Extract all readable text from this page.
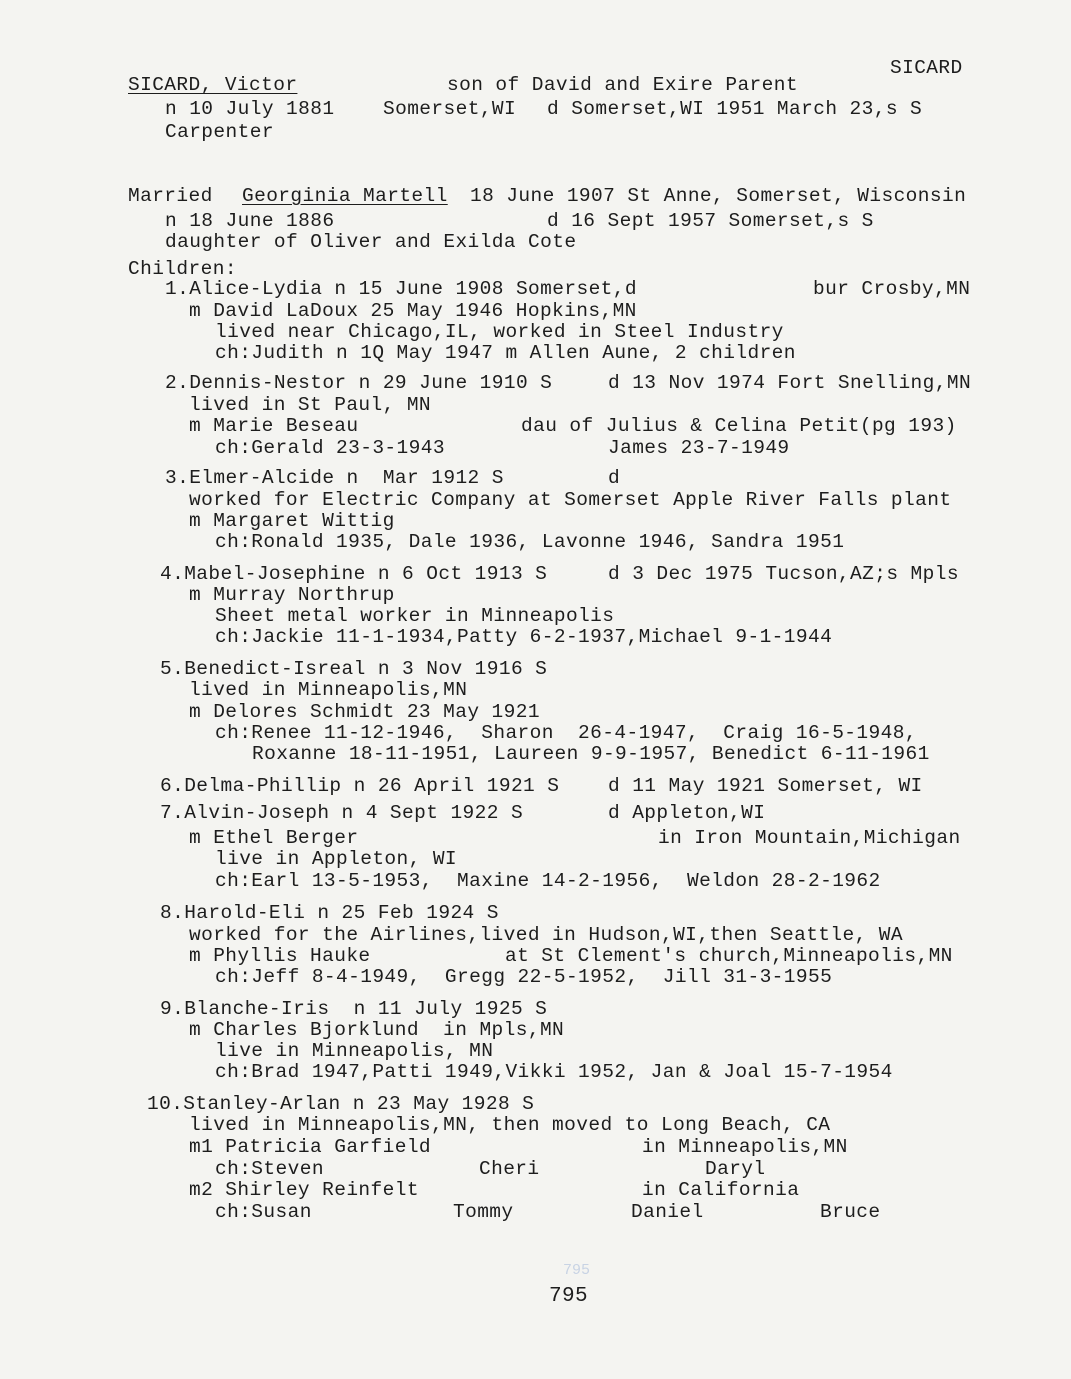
SICARD
SICARD, Victor	son of David and Exire Parent
n 10 July 1881 Somerset,WI d Somerset,WI 1951 March 23,s S
Carpenter
Married Georginia Martell 18 June 1907 St Anne, Somerset, Wisconsin
n 18 June 1886	d 16 Sept 1957 Somerset,s S
daughter of Oliver and Exilda Cote
Children:
1.Alice-Lydia n 15 June 1908 Somerset,d	bur Crosby,MN
m David LaDoux 25 May 1946 Hopkins,MN
lived near Chicago,IL, worked in Steel Industry
ch:Judith n 1Q May 1947 m Allen Aune, 2 children
2.Dennis-Nestor n 29 June 1910 S	d 13 Nov 1974 Fort Snelling,MN
lived in St Paul, MN
m Marie Beseau	dau of Julius & Celina Petit(pg 193)
ch:Gerald 23-3-1943	James 23-7-1949
3.Elmer-Alcide n  Mar 1912 S	d
worked for Electric Company at Somerset Apple River Falls plant
m Margaret Wittig
ch:Ronald 1935, Dale 1936, Lavonne 1946, Sandra 1951
4.Mabel-Josephine n 6 Oct 1913 S	d 3 Dec 1975 Tucson,AZ;s Mpls
m Murray Northrup
Sheet metal worker in Minneapolis
ch:Jackie 11-1-1934,Patty 6-2-1937,Michael 9-1-1944
5.Benedict-Isreal n 3 Nov 1916 S
lived in Minneapolis,MN
m Delores Schmidt 23 May 1921
ch:Renee 11-12-1946,  Sharon  26-4-1947,  Craig 16-5-1948,
Roxanne 18-11-1951, Laureen 9-9-1957, Benedict 6-11-1961
6.Delma-Phillip n 26 April 1921 S d 11 May 1921 Somerset, WI
7.Alvin-Joseph n 4 Sept 1922 S	d Appleton,WI
m Ethel Berger	in Iron Mountain,Michigan
live in Appleton, WI
ch:Earl 13-5-1953,  Maxine 14-2-1956,  Weldon 28-2-1962
8.Harold-Eli n 25 Feb 1924 S
worked for the Airlines,lived in Hudson,WI,then Seattle, WA
m Phyllis Hauke	at St Clement's church,Minneapolis,MN
ch:Jeff 8-4-1949,  Gregg 22-5-1952,  Jill 31-3-1955
9.Blanche-Iris  n 11 July 1925 S
m Charles Bjorklund  in Mpls,MN
live in Minneapolis, MN
ch:Brad 1947,Patti 1949,Vikki 1952, Jan & Joal 15-7-1954
10.Stanley-Arlan n 23 May 1928 S
lived in Minneapolis,MN, then moved to Long Beach, CA
m1 Patricia Garfield	in Minneapolis,MN
ch:Steven	Cheri	Daryl
m2 Shirley Reinfelt	in California
ch:Susan	Tommy	Daniel	Bruce
795
795
